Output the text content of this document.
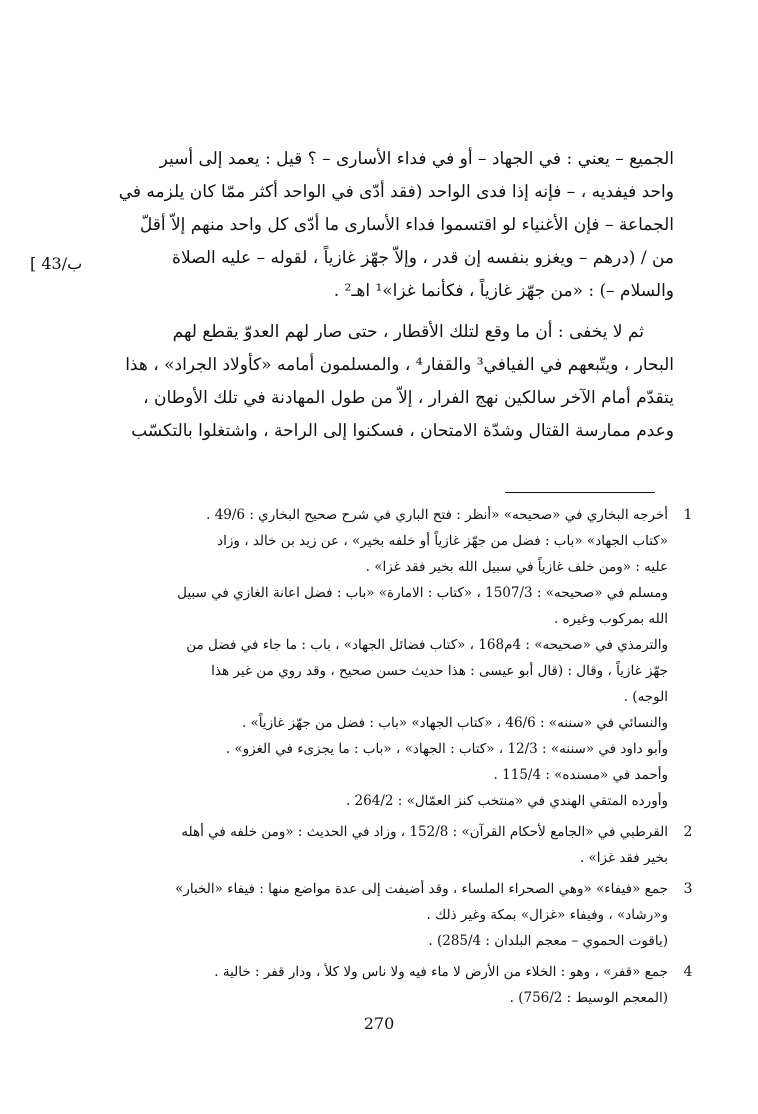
[ 43/ب
الجميع – يعني : في الجهاد – أو في فداء الأسارى – ؟ قيل : يعمد إلى أسير
واحد فيفديه ، – فإنه إذا فدى الواحد (فقد أدّى في الواحد أكثر ممّا كان يلزمه في
الجماعة – فإن الأغنياء لو اقتسموا فداء الأسارى ما أدّى كل واحد منهم إلاّ أقلّ
من / (درهم – ويغزو بنفسه إن قدر ، وإلاّ جهّز غازياً ، لقوله – عليه الصلاة
والسلام –) : «من جهّز غازياً ، فكأنما غزا»¹ اهـ² .
ثم لا يخفى : أن ما وقع لتلك الأقطار ، حتى صار لهم العدوّ يقطع لهم
البحار ، ويتّبعهم في الفيافي³ والقفار⁴ ، والمسلمون أمامه «كأولاد الجراد» ، هذا
يتقدّم أمام الآخر سالكين نهج الفرار ، إلاّ من طول المهادنة في تلك الأوطان ،
وعدم ممارسة القتال وشدّة الامتحان ، فسكنوا إلى الراحة ، واشتغلوا بالتكسّب
1
أخرجه البخاري في «صحيحه» «أنظر : فتح الباري في شرح صحيح البخاري : 49/6 .
«كتاب الجهاد» «باب : فضل من جهّز غازياً أو خلفه بخير» ، عن زيد بن خالد ، وزاد
عليه : «ومن خلف غازياً في سبيل الله بخير فقد غزا» .
ومسلم في «صحيحه» : 1507/3 ، «كتاب : الامارة» «باب : فضل اعانة الغازي في سبيل
الله بمركوب وغيره .
والترمذي في «صحيحه» : 4م168 ، «كتاب فضائل الجهاد» ، باب : ما جاء في فضل من
جهّز غازياً ، وقال : (قال أبو عيسى : هذا حديث حسن صحيح ، وقد روي من غير هذا
الوجه) .
والنسائي في «سننه» : 46/6 ، «كتاب الجهاد» «باب : فضل من جهّز غازياً» .
وأبو داود في «سننه» : 12/3 ، «كتاب : الجهاد» ، «باب : ما يجزىء في الغزو» .
وأحمد في «مسنده» : 115/4 .
وأورده المتقي الهندي في «منتخب كنز العمّال» : 264/2 .
2
القرطبي في «الجامع لأحكام القرآن» : 152/8 ، وزاد في الحديث : «ومن خلفه في أهله
بخير فقد غزا» .
3
جمع «فيفاء» «وهي الصحراء الملساء ، وقد أضيفت إلى عدة مواضع منها : فيفاء «الخبار»
و«رشاد» ، وفيفاء «غزال» بمكة وغير ذلك .
(ياقوت الحموي – معجم البلدان : 285/4) .
4
جمع «قفر» ، وهو : الخلاء من الأرض لا ماء فيه ولا ناس ولا كلأ ، ودار قفر : خالية .
(المعجم الوسيط : 756/2) .
270
